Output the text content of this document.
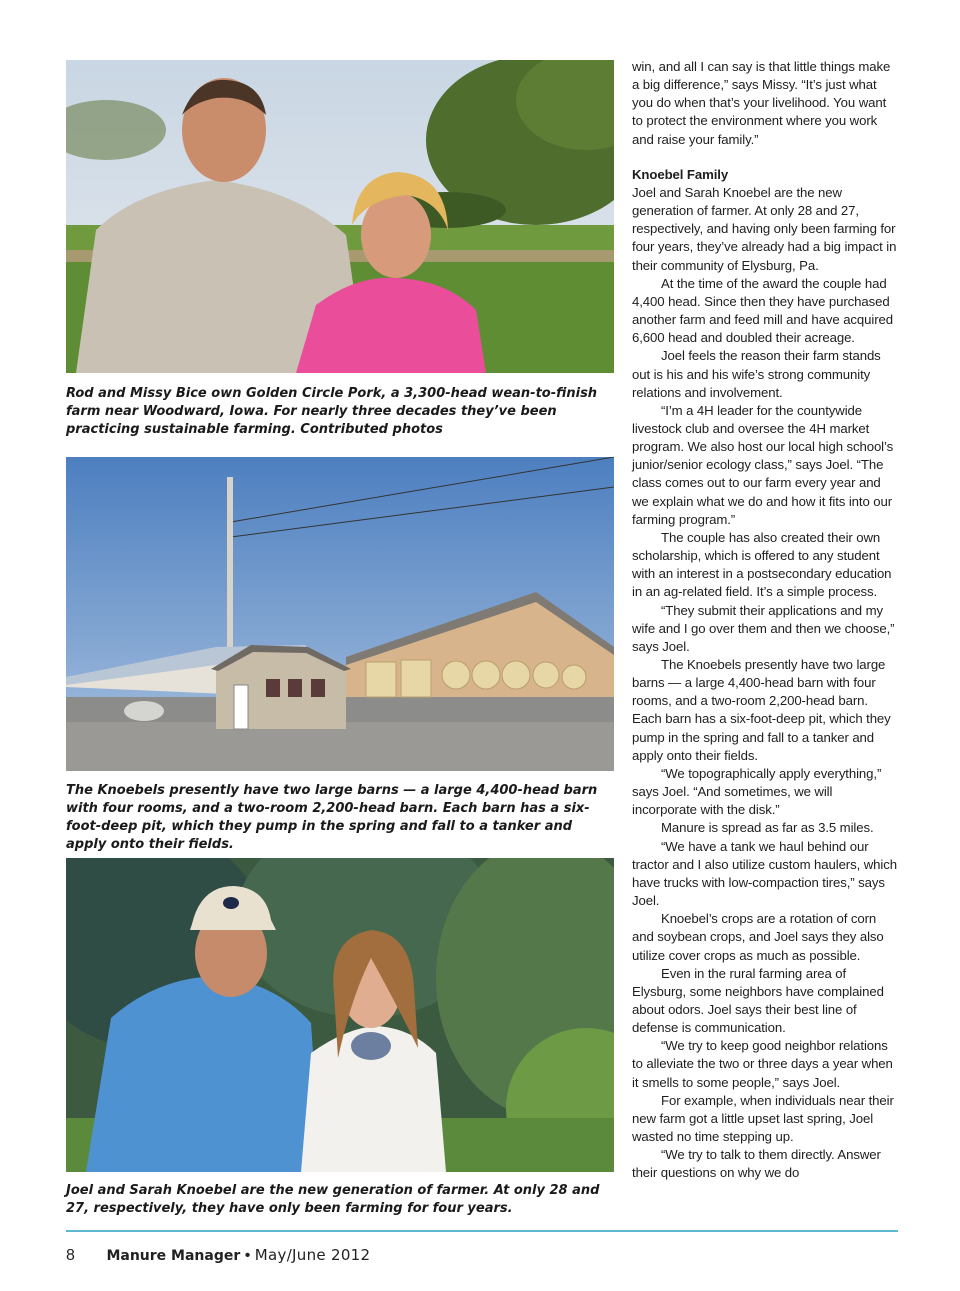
Rod and Missy Bice own Golden Circle Pork, a 3,300-head wean-to-finish farm near Woodward, Iowa. For nearly three decades they’ve been practicing sustainable farming. Contributed photos
The Knoebels presently have two large barns — a large 4,400-head barn with four rooms, and a two-room 2,200-head barn. Each barn has a six-foot-deep pit, which they pump in the spring and fall to a tanker and apply onto their fields.
Joel and Sarah Knoebel are the new generation of farmer. At only 28 and 27, respectively, they have only been farming for four years.

win, and all I can say is that little things make a big difference,” says Missy. “It’s just what you do when that’s your livelihood. You want to protect the environment where you work and raise your family.”

Knoebel Family

Joel and Sarah Knoebel are the new generation of farmer. At only 28 and 27, respectively, and having only been farming for four years, they’ve already had a big impact in their community of Elysburg, Pa.

At the time of the award the couple had 4,400 head. Since then they have purchased another farm and feed mill and have acquired 6,600 head and doubled their acreage.

Joel feels the reason their farm stands out is his and his wife’s strong community relations and involvement.

“I’m a 4H leader for the countywide livestock club and oversee the 4H market program. We also host our local high school’s junior/senior ecology class,” says Joel. “The class comes out to our farm every year and we explain what we do and how it fits into our farming program.”

The couple has also created their own scholarship, which is offered to any student with an interest in a postsecondary education in an ag-related field. It’s a simple process.

“They submit their applications and my wife and I go over them and then we choose,” says Joel.

The Knoebels presently have two large barns — a large 4,400-head barn with four rooms, and a two-room 2,200-head barn. Each barn has a six-foot-deep pit, which they pump in the spring and fall to a tanker and apply onto their fields.

“We topographically apply everything,” says Joel. “And sometimes, we will incorporate with the disk.”

Manure is spread as far as 3.5 miles.

“We have a tank we haul behind our tractor and I also utilize custom haulers, which have trucks with low-compaction tires,” says Joel.

Knoebel’s crops are a rotation of corn and soybean crops, and Joel says they also utilize cover crops as much as possible.

Even in the rural farming area of Elysburg, some neighbors have complained about odors. Joel says their best line of defense is communication.

“We try to keep good neighbor relations to alleviate the two or three days a year when it smells to some people,” says Joel.

For example, when individuals near their new farm got a little upset last spring, Joel wasted no time stepping up.

“We try to talk to them directly. Answer their questions on why we do

8 Manure Manager • May/June 2012
